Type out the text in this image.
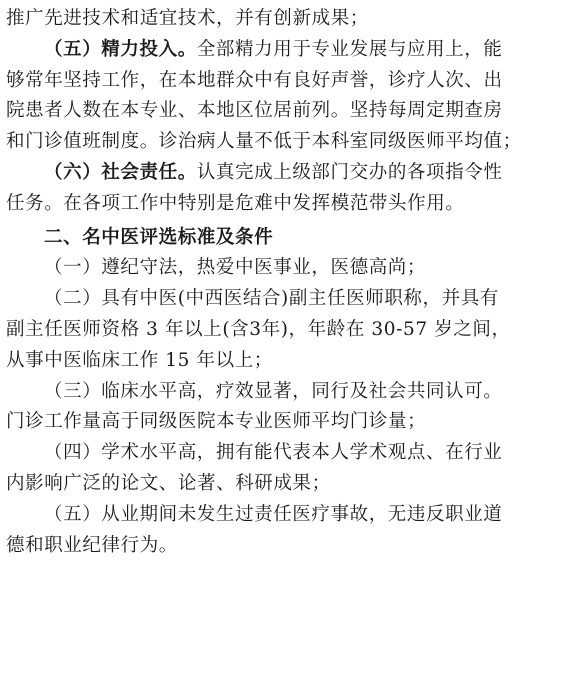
推广先进技术和适宜技术，并有创新成果；
（五）精力投入。全部精力用于专业发展与应用上，能
够常年坚持工作，在本地群众中有良好声誉，诊疗人次、出
院患者人数在本专业、本地区位居前列。坚持每周定期查房
和门诊值班制度。诊治病人量不低于本科室同级医师平均值；
（六）社会责任。认真完成上级部门交办的各项指令性
任务。在各项工作中特别是危难中发挥模范带头作用。
二、名中医评选标准及条件
（一）遵纪守法，热爱中医事业，医德高尚；
（二）具有中医(中西医结合)副主任医师职称，并具有
副主任医师资格 3 年以上(含3年)，年龄在 30-57 岁之间，
从事中医临床工作 15 年以上；
（三）临床水平高，疗效显著，同行及社会共同认可。
门诊工作量高于同级医院本专业医师平均门诊量；
（四）学术水平高，拥有能代表本人学术观点、在行业
内影响广泛的论文、论著、科研成果；
（五）从业期间未发生过责任医疗事故，无违反职业道
德和职业纪律行为。
